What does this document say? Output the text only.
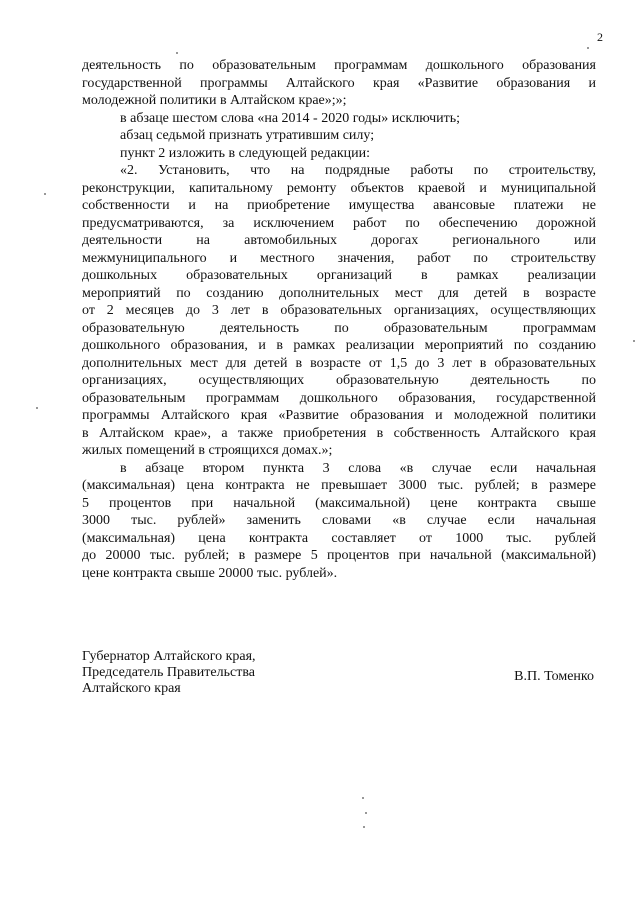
2
деятельность по образовательным программам дошкольного образования
государственной программы Алтайского края «Развитие образования и
молодежной политики в Алтайском крае»;»;
в абзаце шестом слова «на 2014 - 2020 годы» исключить;
абзац седьмой признать утратившим силу;
пункт 2 изложить в следующей редакции:
«2. Установить, что на подрядные работы по строительству,
реконструкции, капитальному ремонту объектов краевой и муниципальной
собственности и на приобретение имущества авансовые платежи не
предусматриваются, за исключением работ по обеспечению дорожной
деятельности на автомобильных дорогах регионального или
межмуниципального и местного значения, работ по строительству
дошкольных образовательных организаций в рамках реализации
мероприятий по созданию дополнительных мест для детей в возрасте
от 2 месяцев до 3 лет в образовательных организациях, осуществляющих
образовательную деятельность по образовательным программам
дошкольного образования, и в рамках реализации мероприятий по созданию
дополнительных мест для детей в возрасте от 1,5 до 3 лет в образовательных
организациях, осуществляющих образовательную деятельность по
образовательным программам дошкольного образования, государственной
программы Алтайского края «Развитие образования и молодежной политики
в Алтайском крае», а также приобретения в собственность Алтайского края
жилых помещений в строящихся домах.»;
в абзаце втором пункта 3 слова «в случае если начальная
(максимальная) цена контракта не превышает 3000 тыс. рублей; в размере
5 процентов при начальной (максимальной) цене контракта свыше
3000 тыс. рублей» заменить словами «в случае если начальная
(максимальная) цена контракта составляет от 1000 тыс. рублей
до 20000 тыс. рублей; в размере 5 процентов при начальной (максимальной)
цене контракта свыше 20000 тыс. рублей».
Губернатор Алтайского края,
Председатель Правительства
Алтайского края
В.П. Томенко
